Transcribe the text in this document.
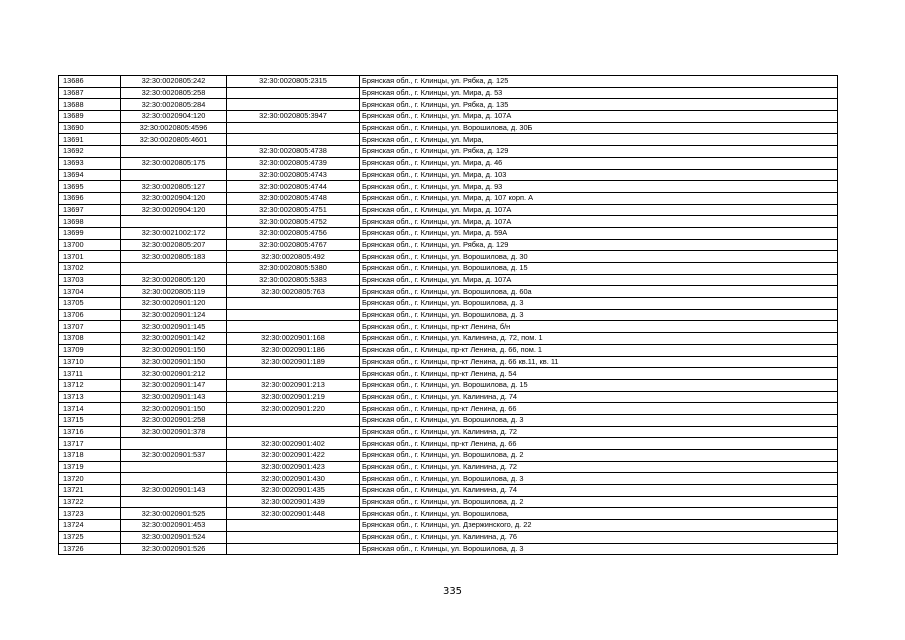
13686	32:30:0020805:242	32:30:0020805:2315	Брянская обл., г. Клинцы, ул. Рябка, д. 125
13687	32:30:0020805:258		Брянская обл., г. Клинцы, ул. Мира, д. 53
13688	32:30:0020805:284		Брянская обл., г. Клинцы, ул. Рябка, д. 135
13689	32:30:0020904:120	32:30:0020805:3947	Брянская обл., г. Клинцы, ул. Мира, д. 107А
13690	32:30:0020805:4596		Брянская обл., г. Клинцы, ул. Ворошилова, д. 30Б
13691	32:30:0020805:4601		Брянская обл., г. Клинцы, ул. Мира,
13692		32:30:0020805:4738	Брянская обл., г. Клинцы, ул. Рябка, д. 129
13693	32:30:0020805:175	32:30:0020805:4739	Брянская обл., г. Клинцы, ул. Мира, д. 46
13694		32:30:0020805:4743	Брянская обл., г. Клинцы, ул. Мира, д. 103
13695	32:30:0020805:127	32:30:0020805:4744	Брянская обл., г. Клинцы, ул. Мира, д. 93
13696	32:30:0020904:120	32:30:0020805:4748	Брянская обл., г. Клинцы, ул. Мира, д. 107 корп. А
13697	32:30:0020904:120	32:30:0020805:4751	Брянская обл., г. Клинцы, ул. Мира, д. 107А
13698		32:30:0020805:4752	Брянская обл., г. Клинцы, ул. Мира, д. 107А
13699	32:30:0021002:172	32:30:0020805:4756	Брянская обл., г. Клинцы, ул. Мира, д. 59А
13700	32:30:0020805:207	32:30:0020805:4767	Брянская обл., г. Клинцы, ул. Рябка, д. 129
13701	32:30:0020805:183	32:30:0020805:492	Брянская обл., г. Клинцы, ул. Ворошилова, д. 30
13702		32:30:0020805:5380	Брянская обл., г. Клинцы, ул. Ворошилова, д. 15
13703	32:30:0020805:120	32:30:0020805:5383	Брянская обл., г. Клинцы, ул. Мира, д. 107А
13704	32:30:0020805:119	32:30:0020805:763	Брянская обл., г. Клинцы, ул. Ворошилова, д. 60а
13705	32:30:0020901:120		Брянская обл., г. Клинцы, ул. Ворошилова, д. 3
13706	32:30:0020901:124		Брянская обл., г. Клинцы, ул. Ворошилова, д. 3
13707	32:30:0020901:145		Брянская обл., г. Клинцы, пр-кт Ленина, б/н
13708	32:30:0020901:142	32:30:0020901:168	Брянская обл., г. Клинцы, ул. Калинина, д. 72, пом. 1
13709	32:30:0020901:150	32:30:0020901:186	Брянская обл., г. Клинцы, пр-кт Ленина, д. 66, пом. 1
13710	32:30:0020901:150	32:30:0020901:189	Брянская обл., г. Клинцы, пр-кт Ленина, д. 66 кв.11, кв. 11
13711	32:30:0020901:212		Брянская обл., г. Клинцы, пр-кт Ленина, д. 54
13712	32:30:0020901:147	32:30:0020901:213	Брянская обл., г. Клинцы, ул. Ворошилова, д. 15
13713	32:30:0020901:143	32:30:0020901:219	Брянская обл., г. Клинцы, ул. Калинина, д. 74
13714	32:30:0020901:150	32:30:0020901:220	Брянская обл., г. Клинцы, пр-кт Ленина, д. 66
13715	32:30:0020901:258		Брянская обл., г. Клинцы, ул. Ворошилова, д. 3
13716	32:30:0020901:378		Брянская обл., г. Клинцы, ул. Калинина, д. 72
13717		32:30:0020901:402	Брянская обл., г. Клинцы, пр-кт Ленина, д. 66
13718	32:30:0020901:537	32:30:0020901:422	Брянская обл., г. Клинцы, ул. Ворошилова, д. 2
13719		32:30:0020901:423	Брянская обл., г. Клинцы, ул. Калинина, д. 72
13720		32:30:0020901:430	Брянская обл., г. Клинцы, ул. Ворошилова, д. 3
13721	32:30:0020901:143	32:30:0020901:435	Брянская обл., г. Клинцы, ул. Калинина, д. 74
13722		32:30:0020901:439	Брянская обл., г. Клинцы, ул. Ворошилова, д. 2
13723	32:30:0020901:525	32:30:0020901:448	Брянская обл., г. Клинцы, ул. Ворошилова,
13724	32:30:0020901:453		Брянская обл., г. Клинцы, ул. Дзержинского, д. 22
13725	32:30:0020901:524		Брянская обл., г. Клинцы, ул. Калинина, д. 76
13726	32:30:0020901:526		Брянская обл., г. Клинцы, ул. Ворошилова, д. 3
335
